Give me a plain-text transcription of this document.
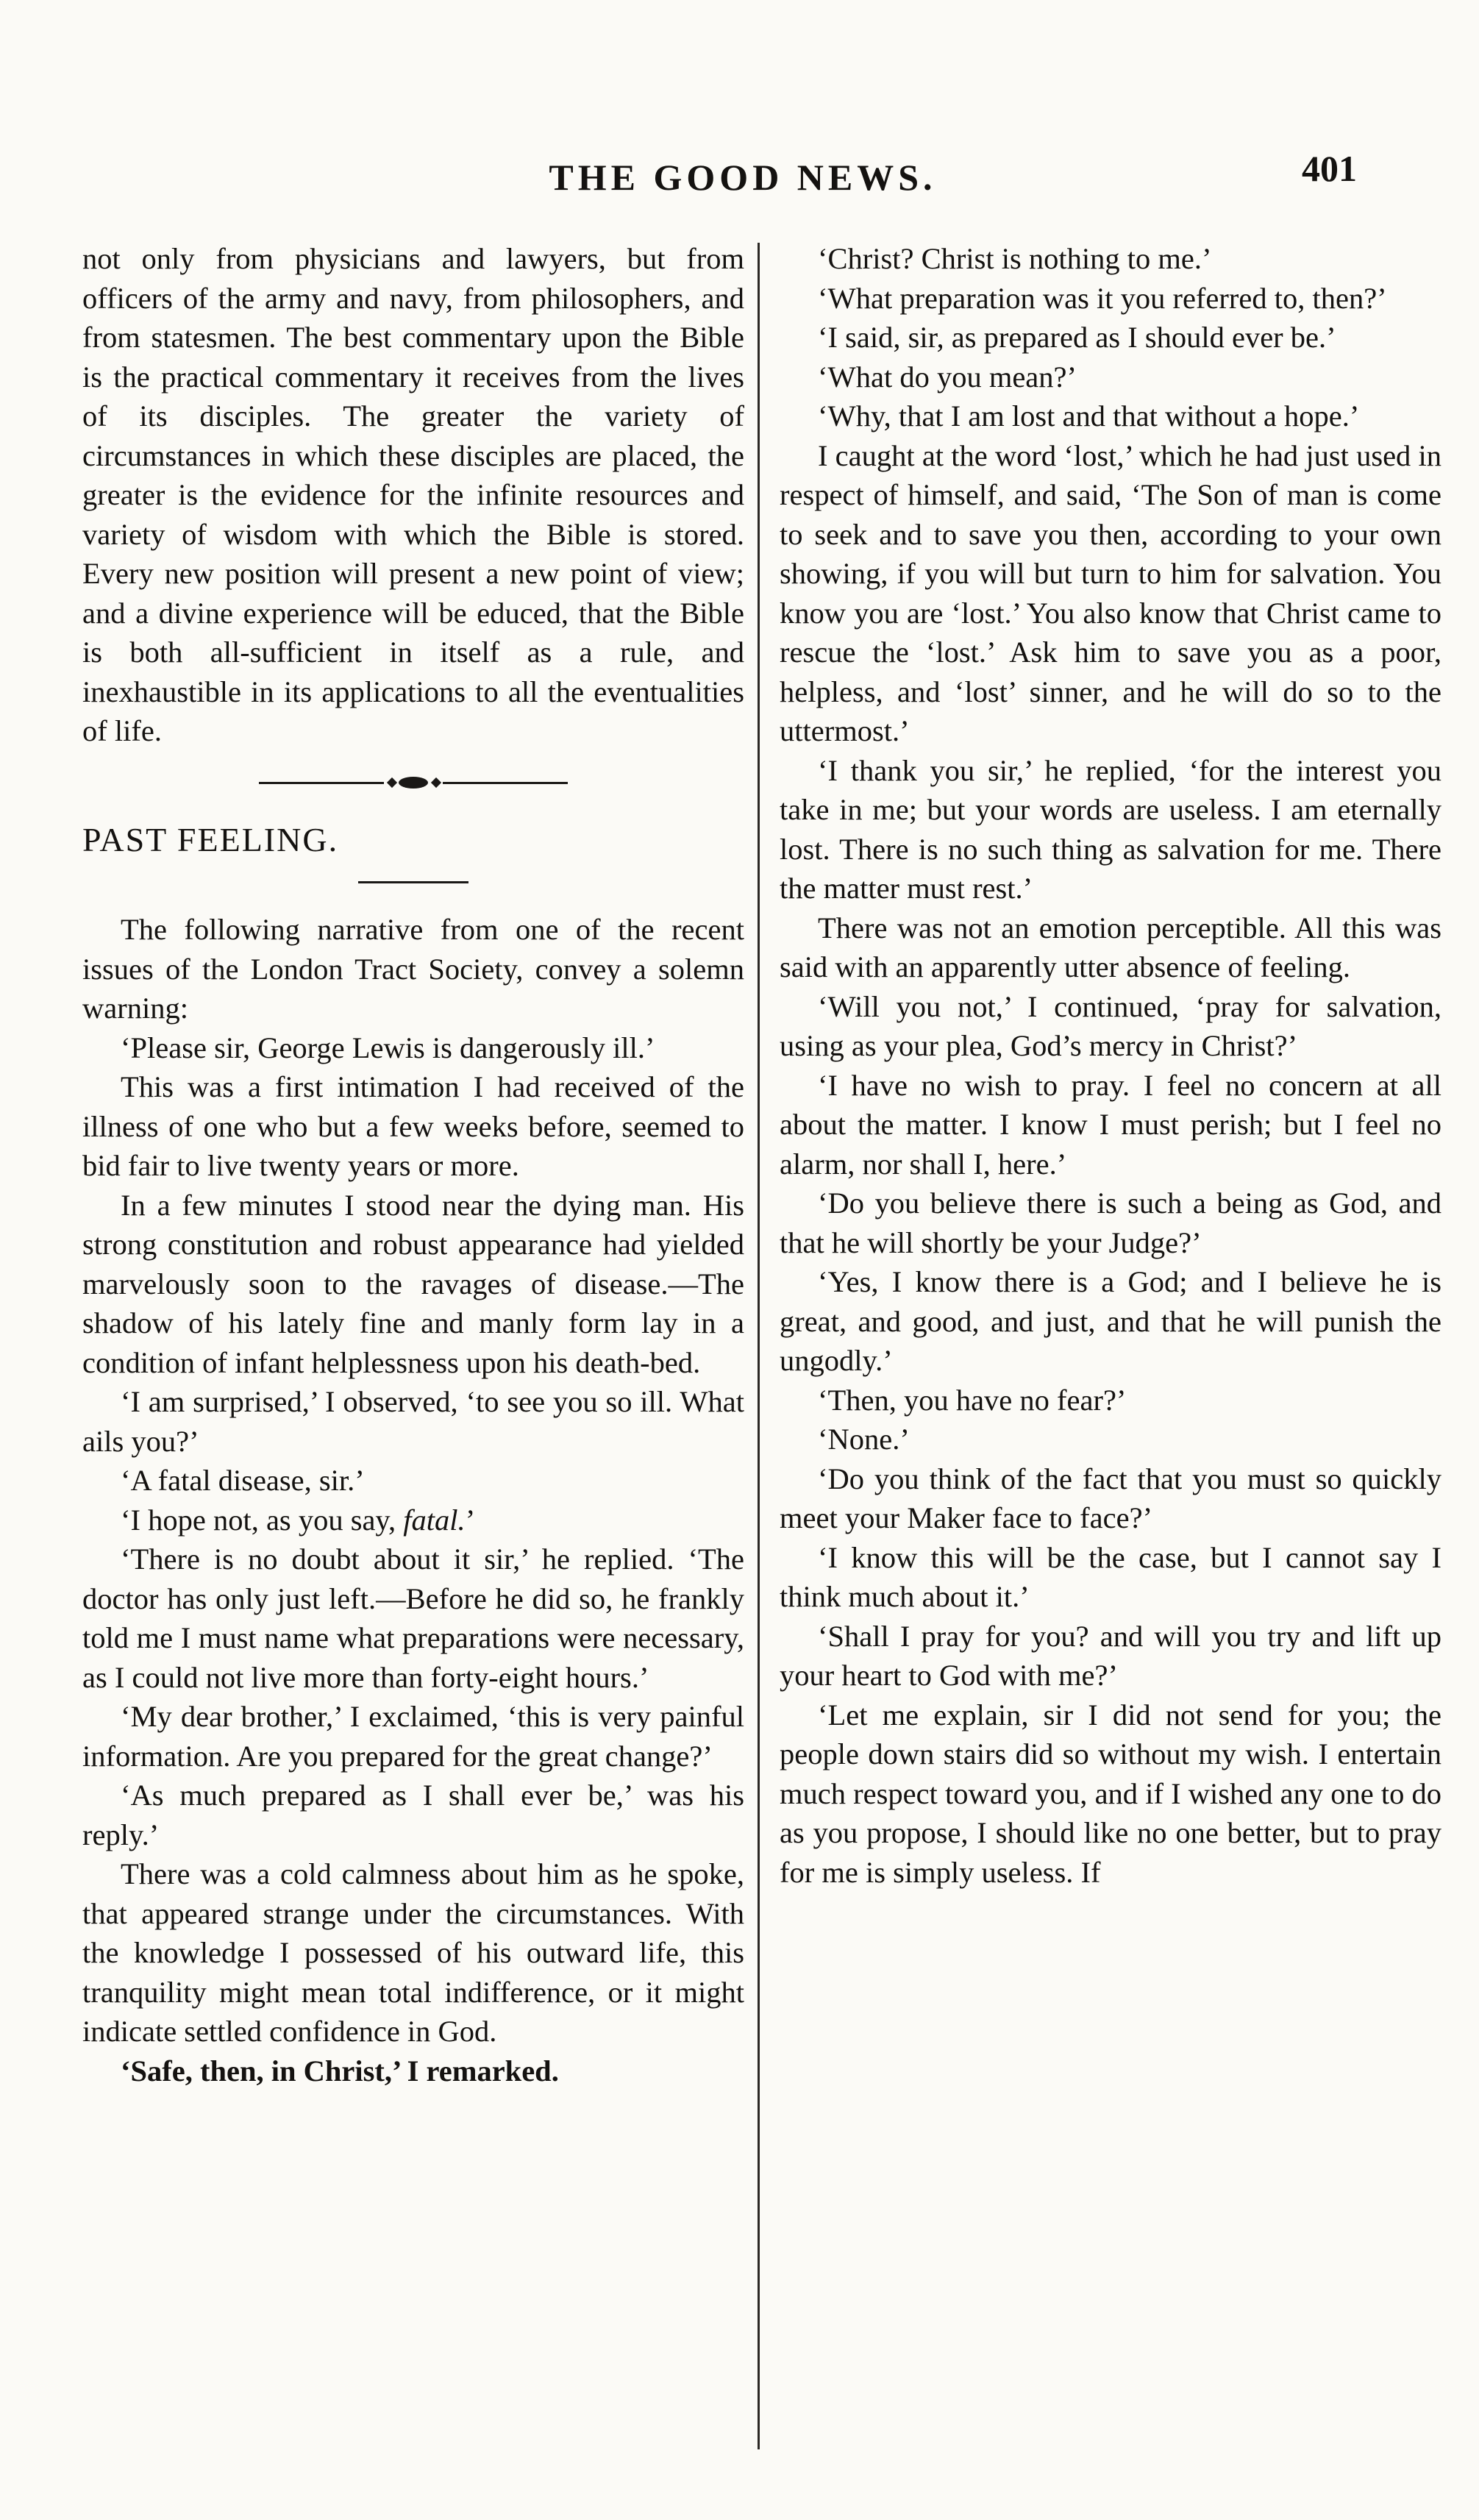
THE GOOD NEWS.	401

not only from physicians and lawyers, but from officers of the army and navy, from philosophers, and from statesmen. The best commentary upon the Bible is the practical commentary it receives from the lives of its disciples. The greater the variety of circumstances in which these disciples are placed, the greater is the evidence for the infinite resources and variety of wisdom with which the Bible is stored. Every new position will present a new point of view; and a divine experience will be educed, that the Bible is both all-sufficient in itself as a rule, and inexhaustible in its applications to all the eventualities of life.

PAST FEELING.

The following narrative from one of the recent issues of the London Tract Society, convey a solemn warning:

‘Please sir, George Lewis is dangerously ill.’

This was a first intimation I had received of the illness of one who but a few weeks before, seemed to bid fair to live twenty years or more.

In a few minutes I stood near the dying man. His strong constitution and robust appearance had yielded marvelously soon to the ravages of disease.—The shadow of his lately fine and manly form lay in a condition of infant helplessness upon his death-bed.

‘I am surprised,’ I observed, ‘to see you so ill. What ails you?’

‘A fatal disease, sir.’

‘I hope not, as you say, fatal.’

‘There is no doubt about it sir,’ he replied. ‘The doctor has only just left.—Before he did so, he frankly told me I must name what preparations were necessary, as I could not live more than forty-eight hours.’

‘My dear brother,’ I exclaimed, ‘this is very painful information. Are you prepared for the great change?’

‘As much prepared as I shall ever be,’ was his reply.’

There was a cold calmness about him as he spoke, that appeared strange under the circumstances. With the knowledge I possessed of his outward life, this tranquility might mean total indifference, or it might indicate settled confidence in God.

‘Safe, then, in Christ,’ I remarked.

‘Christ? Christ is nothing to me.’

‘What preparation was it you referred to, then?’

‘I said, sir, as prepared as I should ever be.’

‘What do you mean?’

‘Why, that I am lost and that without a hope.’

I caught at the word ‘lost,’ which he had just used in respect of himself, and said, ‘The Son of man is come to seek and to save you then, according to your own showing, if you will but turn to him for salvation. You know you are ‘lost.’ You also know that Christ came to rescue the ‘lost.’ Ask him to save you as a poor, helpless, and ‘lost’ sinner, and he will do so to the uttermost.’

‘I thank you sir,’ he replied, ‘for the interest you take in me; but your words are useless. I am eternally lost. There is no such thing as salvation for me. There the matter must rest.’

There was not an emotion perceptible. All this was said with an apparently utter absence of feeling.

‘Will you not,’ I continued, ‘pray for salvation, using as your plea, God’s mercy in Christ?’

‘I have no wish to pray. I feel no concern at all about the matter. I know I must perish; but I feel no alarm, nor shall I, here.’

‘Do you believe there is such a being as God, and that he will shortly be your Judge?’

‘Yes, I know there is a God; and I believe he is great, and good, and just, and that he will punish the ungodly.’

‘Then, you have no fear?’

‘None.’

‘Do you think of the fact that you must so quickly meet your Maker face to face?’

‘I know this will be the case, but I cannot say I think much about it.’

‘Shall I pray for you? and will you try and lift up your heart to God with me?’

‘Let me explain, sir I did not send for you; the people down stairs did so without my wish. I entertain much respect toward you, and if I wished any one to do as you propose, I should like no one better, but to pray for me is simply useless. If
